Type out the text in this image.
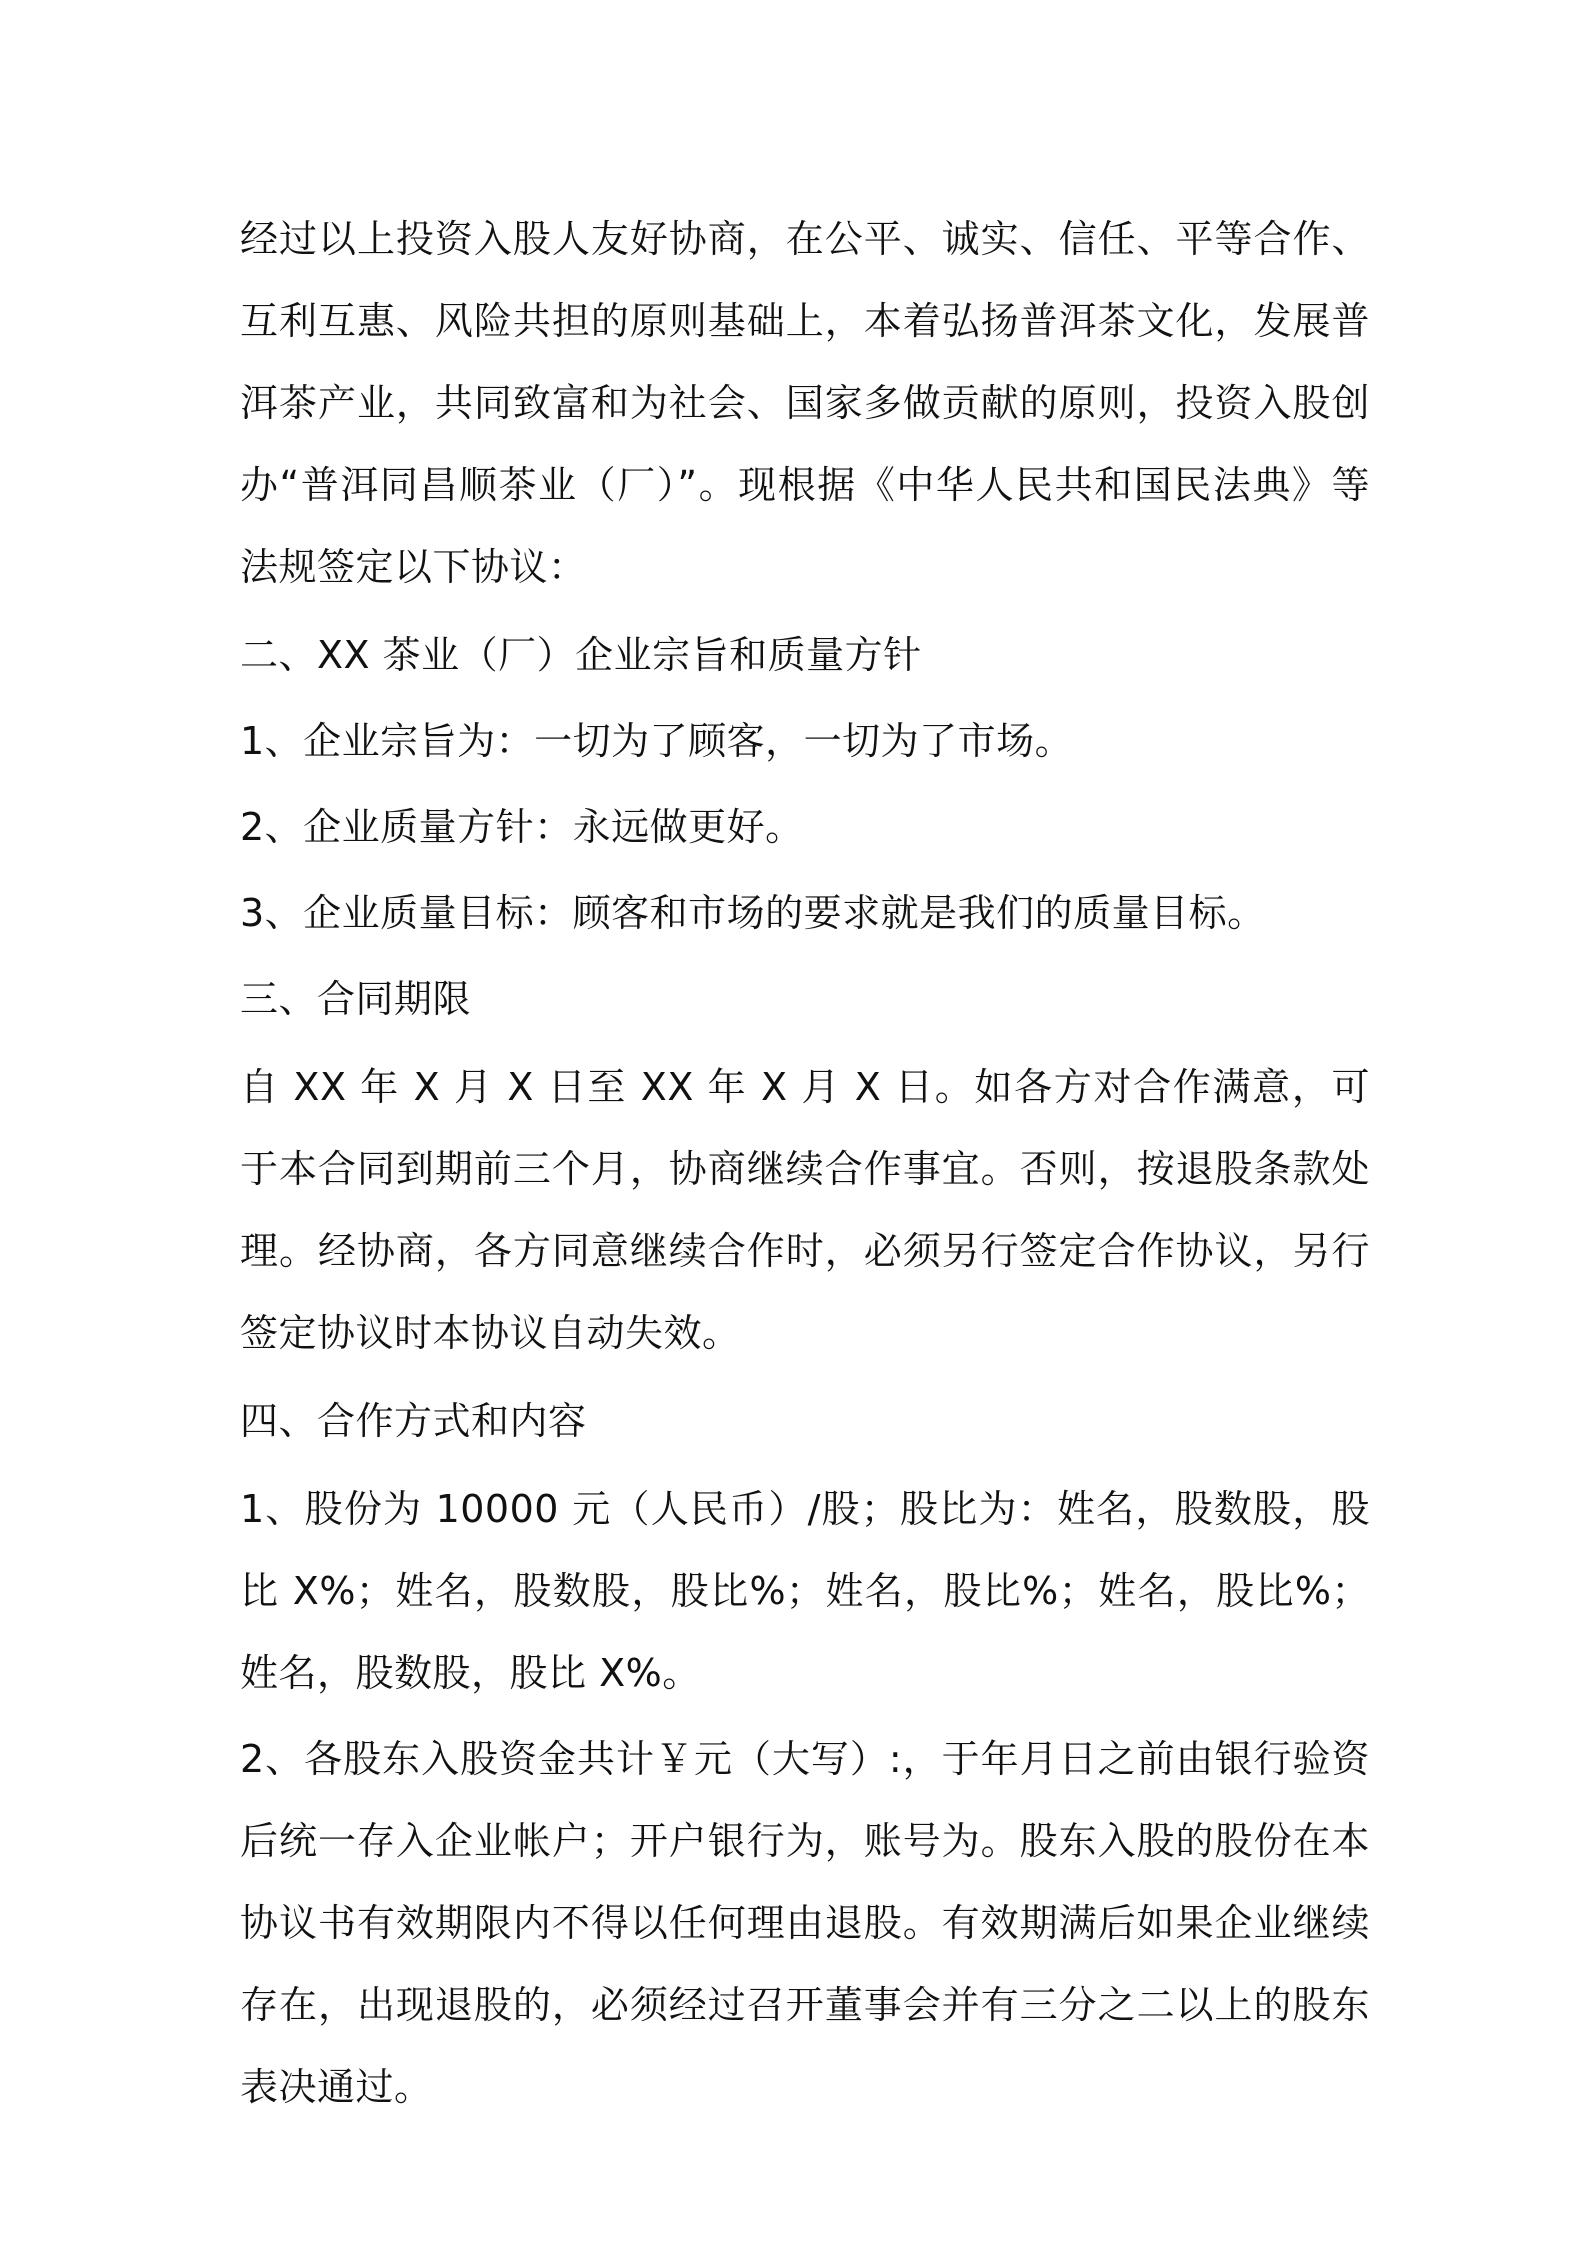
经过以上投资入股人友好协商，在公平、诚实、信任、平等合作、互利互惠、风险共担的原则基础上，本着弘扬普洱茶文化，发展普洱茶产业，共同致富和为社会、国家多做贡献的原则，投资入股创办“普洱同昌顺茶业（厂）”。现根据《中华人民共和国民法典》等法规签定以下协议：

二、XX 茶业（厂）企业宗旨和质量方针

1、企业宗旨为：一切为了顾客，一切为了市场。

2、企业质量方针：永远做更好。

3、企业质量目标：顾客和市场的要求就是我们的质量目标。

三、合同期限

自 XX 年 X 月 X 日至 XX 年 X 月 X 日。如各方对合作满意，可于本合同到期前三个月，协商继续合作事宜。否则，按退股条款处理。经协商，各方同意继续合作时，必须另行签定合作协议，另行签定协议时本协议自动失效。

四、合作方式和内容

1、股份为 10000 元（人民币）/股；股比为：姓名，股数股，股比 X%；姓名，股数股，股比%；姓名，股比%；姓名，股比%；姓名，股数股，股比 X%。

2、各股东入股资金共计￥元（大写）:，于年月日之前由银行验资后统一存入企业帐户；开户银行为，账号为。股东入股的股份在本协议书有效期限内不得以任何理由退股。有效期满后如果企业继续存在，出现退股的，必须经过召开董事会并有三分之二以上的股东表决通过。
